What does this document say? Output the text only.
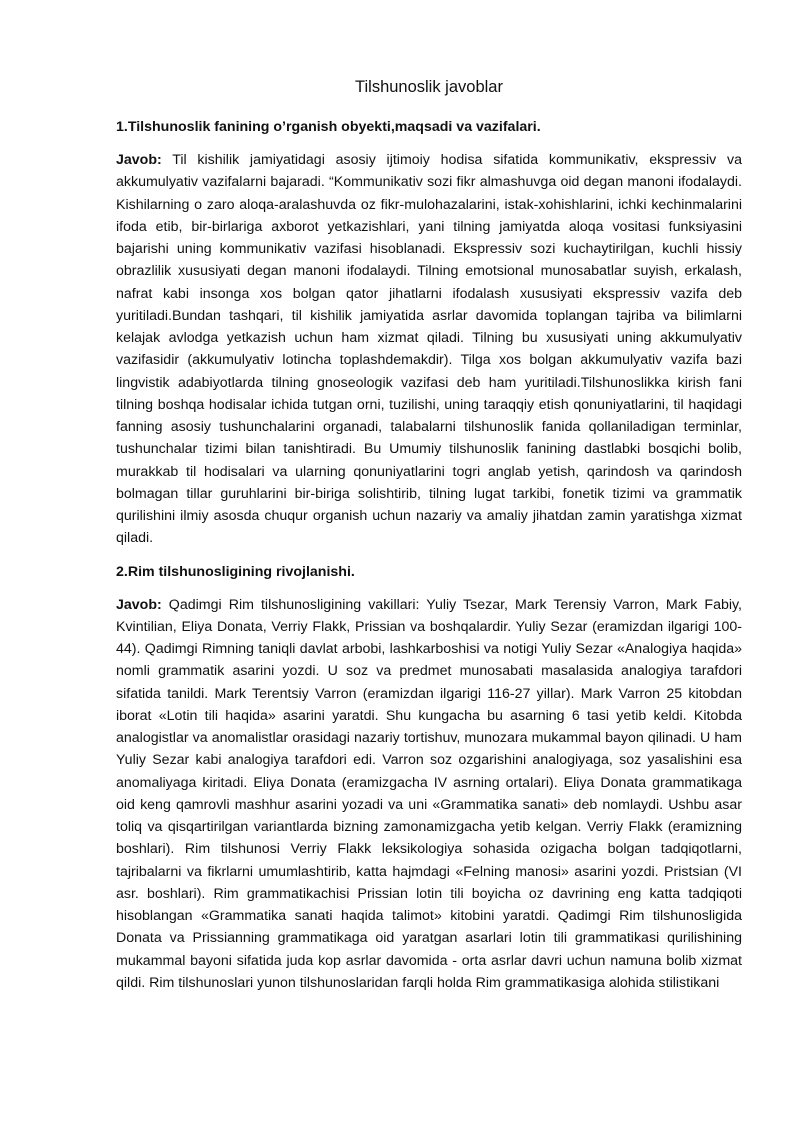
Tilshunoslik javoblar
1.Tilshunoslik fanining o’rganish obyekti,maqsadi va vazifalari.

Javob: Til kishilik jamiyatidagi asosiy ijtimoiy hodisa sifatida kommunikativ, ekspressiv va akkumulyativ vazifalarni bajaradi. “Kommunikativ sozi fikr almashuvga oid degan manoni ifodalaydi. Kishilarning o zaro aloqa-aralashuvda oz fikr-mulohazalarini, istak-xohishlarini, ichki kechinmalarini ifoda etib, bir-birlariga axborot yetkazishlari, yani tilning jamiyatda aloqa vositasi funksiyasini bajarishi uning kommunikativ vazifasi hisoblanadi. Ekspressiv sozi kuchaytirilgan, kuchli hissiy obrazlilik xususiyati degan manoni ifodalaydi. Tilning emotsional munosabatlar suyish, erkalash, nafrat kabi insonga xos bolgan qator jihatlarni ifodalash xususiyati ekspressiv vazifa deb yuritiladi.Bundan tashqari, til kishilik jamiyatida asrlar davomida toplangan tajriba va bilimlarni kelajak avlodga yetkazish uchun ham xizmat qiladi. Tilning bu xususiyati uning akkumulyativ vazifasidir (akkumulyativ lotincha toplashdemakdir). Tilga xos bolgan akkumulyativ vazifa bazi lingvistik adabiyotlarda tilning gnoseologik vazifasi deb ham yuritiladi.Tilshunoslikka kirish fani tilning boshqa hodisalar ichida tutgan orni, tuzilishi, uning taraqqiy etish qonuniyatlarini, til haqidagi fanning asosiy tushunchalarini organadi, talabalarni tilshunoslik fanida qollaniladigan terminlar, tushunchalar tizimi bilan tanishtiradi. Bu Umumiy tilshunoslik fanining dastlabki bosqichi bolib, murakkab til hodisalari va ularning qonuniyatlarini togri anglab yetish, qarindosh va qarindosh bolmagan tillar guruhlarini bir-biriga solishtirib, tilning lugat tarkibi, fonetik tizimi va grammatik qurilishini ilmiy asosda chuqur organish uchun nazariy va amaliy jihatdan zamin yaratishga xizmat qiladi.

2.Rim tilshunosligining rivojlanishi.

Javob: Qadimgi Rim tilshunosligining vakillari: Yuliy Tsezar, Mark Terensiy Varron, Mark Fabiy, Kvintilian, Eliya Donata, Verriy Flakk, Prissian va boshqalardir. Yuliy Sezar (eramizdan ilgarigi 100-44). Qadimgi Rimning taniqli davlat arbobi, lashkarboshisi va notigi Yuliy Sezar «Analogiya haqida» nomli grammatik asarini yozdi. U soz va predmet munosabati masalasida analogiya tarafdori sifatida tanildi. Mark Terentsiy Varron (eramizdan ilgarigi 116-27 yillar). Mark Varron 25 kitobdan iborat «Lotin tili haqida» asarini yaratdi. Shu kungacha bu asarning 6 tasi yetib keldi. Kitobda analogistlar va anomalistlar orasidagi nazariy tortishuv, munozara mukammal bayon qilinadi. U ham Yuliy Sezar kabi analogiya tarafdori edi. Varron soz ozgarishini analogiyaga, soz yasalishini esa anomaliyaga kiritadi. Eliya Donata (eramizgacha IV asrning ortalari). Eliya Donata grammatikaga oid keng qamrovli mashhur asarini yozadi va uni «Grammatika sanati» deb nomlaydi. Ushbu asar toliq va qisqartirilgan variantlarda bizning zamonamizgacha yetib kelgan. Verriy Flakk (eramizning boshlari). Rim tilshunosi Verriy Flakk leksikologiya sohasida ozigacha bolgan tadqiqotlarni, tajribalarni va fikrlarni umumlashtirib, katta hajmdagi «Felning manosi» asarini yozdi. Pristsian (VI asr. boshlari). Rim grammatikachisi Prissian lotin tili boyicha oz davrining eng katta tadqiqoti hisoblangan «Grammatika sanati haqida talimot» kitobini yaratdi. Qadimgi Rim tilshunosligida Donata va Prissianning grammatikaga oid yaratgan asarlari lotin tili grammatikasi qurilishining mukammal bayoni sifatida juda kop asrlar davomida - orta asrlar davri uchun namuna bolib xizmat qildi. Rim tilshunoslari yunon tilshunoslaridan farqli holda Rim grammatikasiga alohida stilistikani
